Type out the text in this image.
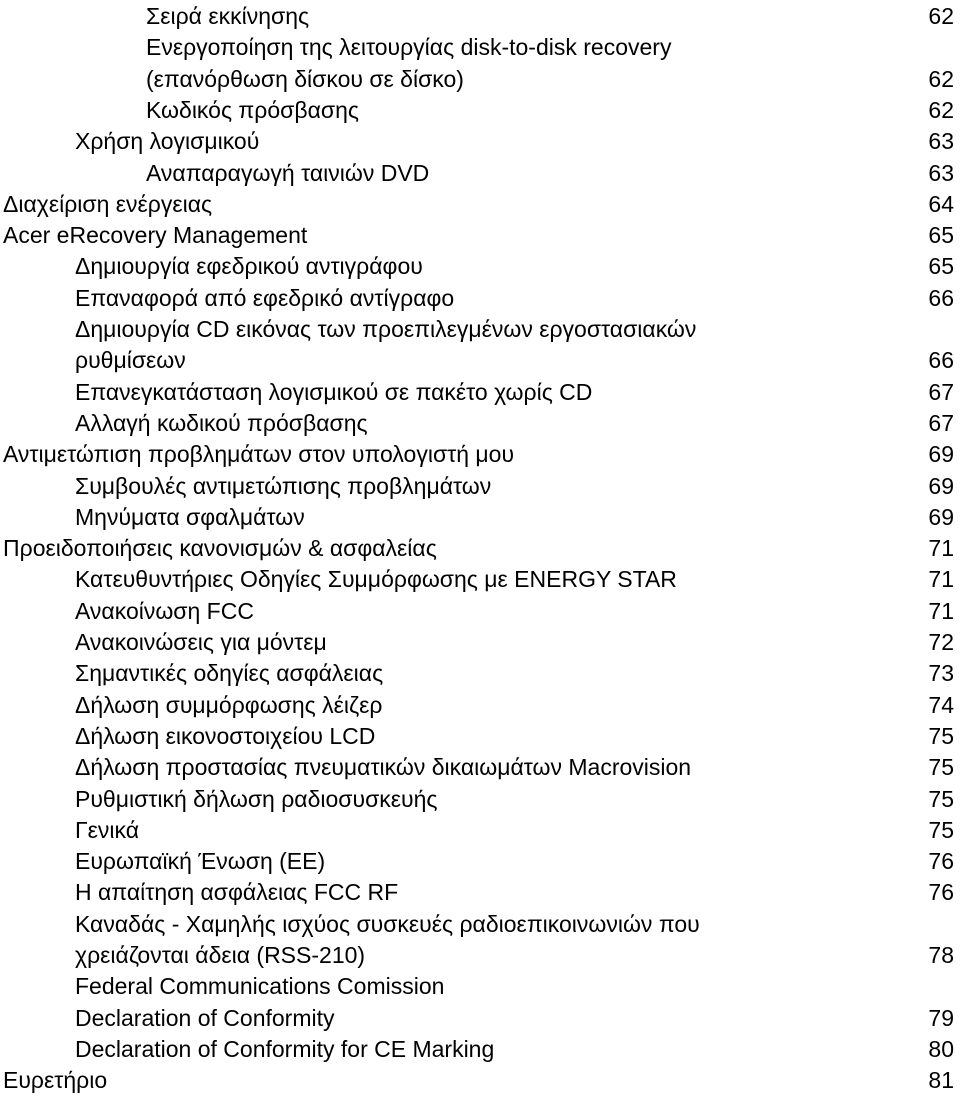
Σειρά εκκίνησης	62
Ενεργοποίηση της λειτουργίας disk-to-disk recovery
(επανόρθωση δίσκου σε δίσκο)	62
Κωδικός πρόσβασης	62
Χρήση λογισμικού	63
Αναπαραγωγή ταινιών DVD	63
Διαχείριση ενέργειας	64
Acer eRecovery Management	65
Δημιουργία εφεδρικού αντιγράφου	65
Επαναφορά από εφεδρικό αντίγραφο	66
Δημιουργία CD εικόνας των προεπιλεγμένων εργοστασιακών
ρυθμίσεων	66
Επανεγκατάσταση λογισμικού σε πακέτο χωρίς CD	67
Αλλαγή κωδικού πρόσβασης	67
Αντιμετώπιση προβλημάτων στον υπολογιστή μου	69
Συμβουλές αντιμετώπισης προβλημάτων	69
Μηνύματα σφαλμάτων	69
Προειδοποιήσεις κανονισμών & ασφαλείας	71
Κατευθυντήριες Οδηγίες Συμμόρφωσης με ENERGY STAR	71
Ανακοίνωση FCC	71
Ανακοινώσεις για μόντεμ	72
Σημαντικές οδηγίες ασφάλειας	73
Δήλωση συμμόρφωσης λέιζερ	74
Δήλωση εικονοστοιχείου LCD	75
Δήλωση προστασίας πνευματικών δικαιωμάτων Macrovision	75
Ρυθμιστική δήλωση ραδιοσυσκευής	75
Γενικά	75
Ευρωπαϊκή Ένωση (ΕΕ)	76
Η απαίτηση ασφάλειας FCC RF	76
Καναδάς - Χαμηλής ισχύος συσκευές ραδιοεπικοινωνιών που
χρειάζονται άδεια (RSS-210)	78
Federal Communications Comission
Declaration of Conformity	79
Declaration of Conformity for CE Marking	80
Ευρετήριο	81
